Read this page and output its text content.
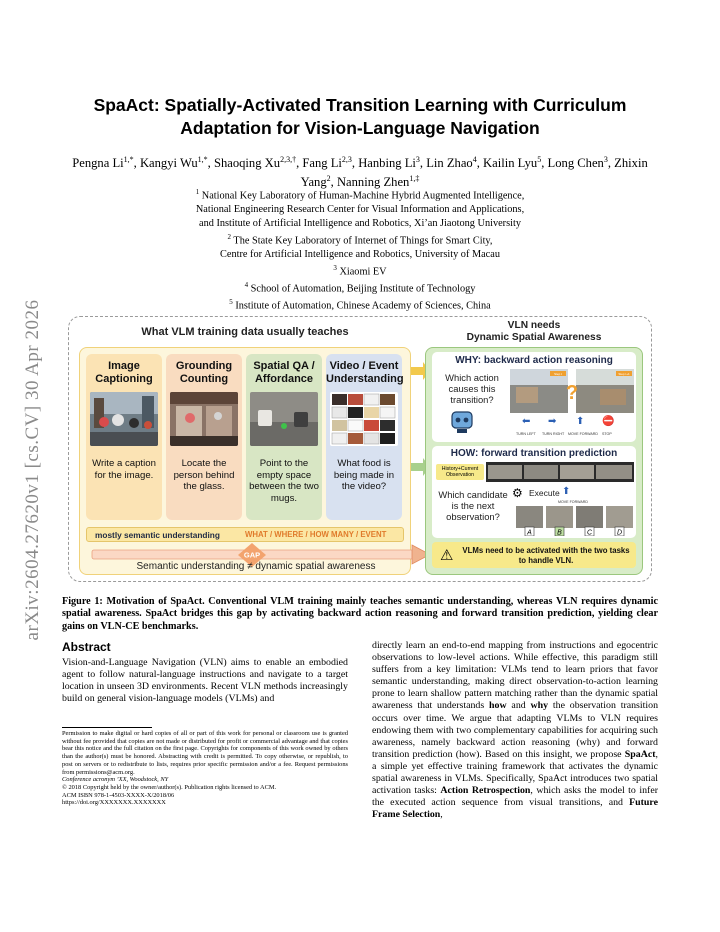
arXiv:2604.27620v1 [cs.CV] 30 Apr 2026
SpaAct: Spatially-Activated Transition Learning with Curriculum Adaptation for Vision-Language Navigation
Pengna $Li^{1,*}$, Kangyi $Wu^{1,*}$, Shaoqing $Xu^{2,3,\dagger}$, Fang Li$^{2,3}$, Hanbing Li$^3$, Lin Zhao$^4$, Kailin Lyu$^5$, Long Chen$^3$, Zhixin Yang$^2$, Nanning Zhen$^{1,\ddagger}$
$^1$ National Key Laboratory of Human-Machine Hybrid Augmented Intelligence,
National Engineering Research Center for Visual Information and Applications,
and Institute of Artificial Intelligence and Robotics, Xi’an Jiaotong University
$^2$ The State Key Laboratory of Internet of Things for Smart City,
Centre for Artificial Intelligence and Robotics, University of Macau
$^3$ Xiaomi EV
$^4$ School of Automation, Beijing Institute of Technology
$^5$ Institute of Automation, Chinese Academy of Sciences, China
What VLM training data usually teaches
Image Captioning
Write a caption for the image.
Grounding Counting
Locate the person behind the glass.
Spatial QA / Affordance
Point to the empty space between the two mugs.
Video / Event Understanding
What food is being made in the video?
mostly semantic understanding	WHAT / WHERE / HOW MANY / EVENT
GAP
Semantic understanding ≠ dynamic spatial awareness
VLN needs
Dynamic Spatial Awareness
WHY: backward action reasoning
Which action causes this transition?	?
Step t	Step t+1
⬅ ➡ ⬆ ⛔
TURN LEFT TURN RIGHT MOVE FORWARD STOP
HOW: forward transition prediction
History+Current Observation
Which candidate is the next observation?
⚙ Execute ⬆
MOVE FORWARD
A	B	C	D
⚠	VLMs need to be activated with the two tasks to handle VLN.
Figure 1: Motivation of SpaAct. Conventional VLM training mainly teaches semantic understanding, whereas VLN requires dynamic spatial awareness. SpaAct bridges this gap by activating backward action reasoning and forward transition prediction, yielding clear gains on VLN-CE benchmarks.
Abstract

Vision-and-Language Navigation (VLN) aims to enable an embodied agent to follow natural-language instructions and navigate to a target location in unseen 3D environments. Recent VLN methods increasingly build on general vision-language models (VLMs) and

Permission to make digital or hard copies of all or part of this work for personal or classroom use is granted without fee provided that copies are not made or distributed for profit or commercial advantage and that copies bear this notice and the full citation on the first page. Copyrights for components of this work owned by others than the author(s) must be honored. Abstracting with credit is permitted. To copy otherwise, or republish, to post on servers or to redistribute to lists, requires prior specific permission and/or a fee. Request permissions from permissions@acm.org.
Conference acronym ’XX, Woodstock, NY
© 2018 Copyright held by the owner/author(s). Publication rights licensed to ACM.
ACM ISBN 978-1-4503-XXXX-X/2018/06
https://doi.org/XXXXXXX.XXXXXXX

directly learn an end-to-end mapping from instructions and egocentric observations to low-level actions. While effective, this paradigm still suffers from a key limitation: VLMs tend to learn priors that favor semantic understanding, making direct observation-to-action learning prone to learn shallow pattern matching rather than the dynamic spatial awareness that understands how and why the observation transition occurs over time. We argue that adapting VLMs to VLN requires endowing them with two complementary capabilities for acquiring such awareness, namely backward action reasoning (why) and forward transition prediction (how). Based on this insight, we propose SpaAct, a simple yet effective training framework that activates the dynamic spatial awareness in VLMs. Specifically, SpaAct introduces two spatial activation tasks: Action Retrospection, which asks the model to infer the executed action sequence from visual transitions, and Future Frame Selection,
